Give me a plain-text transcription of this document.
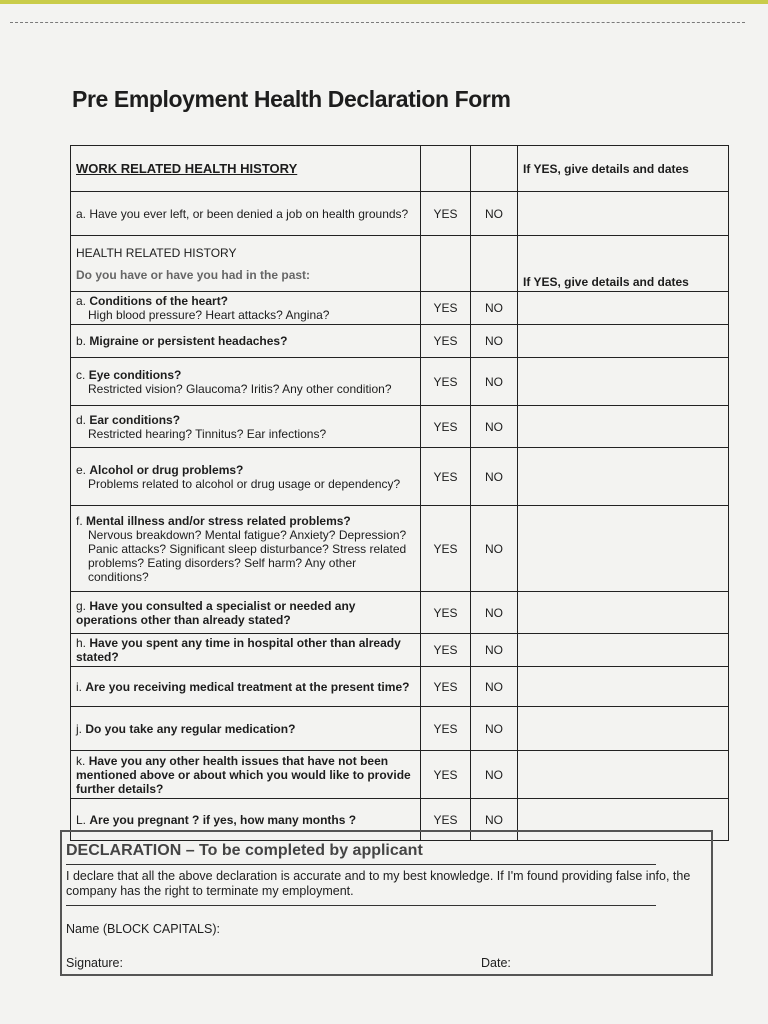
Pre Employment Health Declaration Form
WORK RELATED HEALTH HISTORY			If YES, give details and dates
a. Have you ever left, or been denied a job on health grounds?	YES	NO	

HEALTH RELATED HISTORY
Do you have or have you had in the past:			If YES, give details and dates
a. Conditions of the heart?
High blood pressure? Heart attacks? Angina?	YES	NO	
b. Migraine or persistent headaches?	YES	NO	
c. Eye conditions?
Restricted vision? Glaucoma? Iritis? Any other condition?	YES	NO	
d. Ear conditions?
Restricted hearing? Tinnitus? Ear infections?	YES	NO	
e. Alcohol or drug problems?
Problems related to alcohol or drug usage or dependency?	YES	NO	
f. Mental illness and/or stress related problems?
Nervous breakdown? Mental fatigue? Anxiety? Depression? Panic attacks? Significant sleep disturbance? Stress related problems? Eating disorders? Self harm? Any other conditions?	YES	NO	
g. Have you consulted a specialist or needed any operations other than already stated?	YES	NO	
h. Have you spent any time in hospital other than already stated?	YES	NO	
i. Are you receiving medical treatment at the present time?	YES	NO	
j. Do you take any regular medication?	YES	NO	
k. Have you any other health issues that have not been mentioned above or about which you would like to provide further details?	YES	NO	
L. Are you pregnant ? if yes, how many months ?	YES	NO	
DECLARATION – To be completed by applicant
I declare that all the above declaration is accurate and to my best knowledge. If I'm found providing false info, the company has the right to terminate my employment.
Name (BLOCK CAPITALS):
Signature:	Date:
